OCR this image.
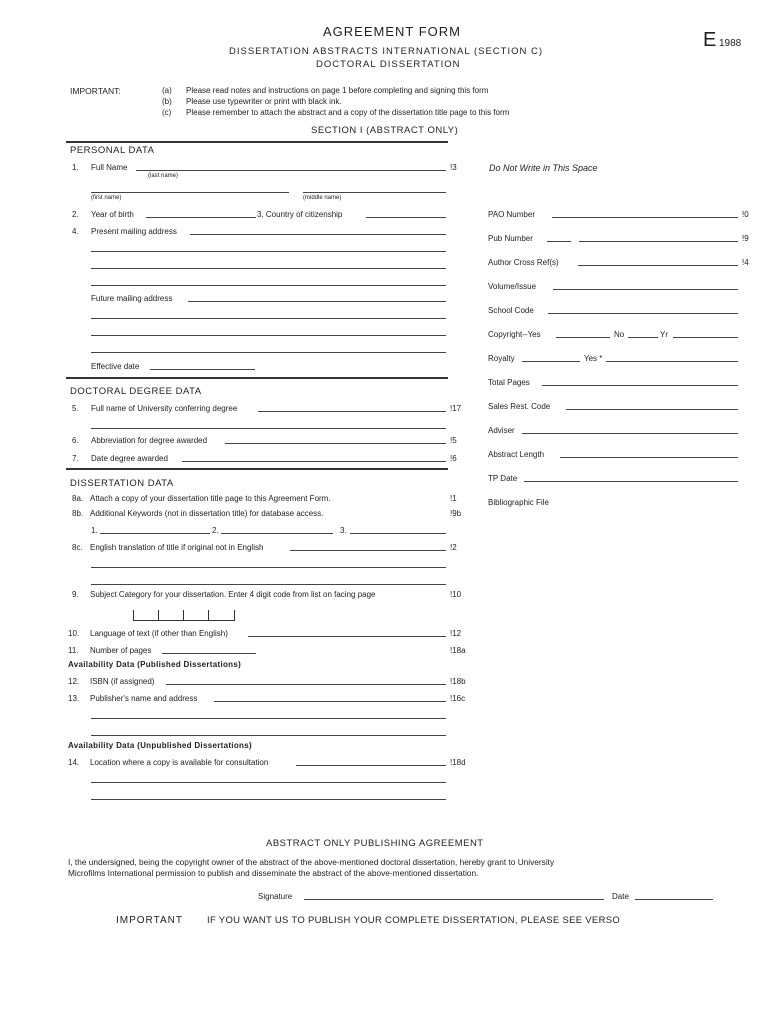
AGREEMENT FORM	E 1988
DISSERTATION ABSTRACTS INTERNATIONAL (SECTION C)
DOCTORAL DISSERTATION
IMPORTANT:	(a) Please read notes and instructions on page 1 before completing and signing this form
(b) Please use typewriter or print with black ink.
(c) Please remember to attach the abstract and a copy of the dissertation title page to this form
SECTION I (ABSTRACT ONLY)
PERSONAL DATA
1. Full Name	!3
(last name)
(first name)	(middle name)
2. Year of birth	3. Country of citizenship
4. Present mailing address
Future mailing address
Effective date
DOCTORAL DEGREE DATA
5. Full name of University conferring degree	!17
6. Abbreviation for degree awarded	!5
7. Date degree awarded	!6
DISSERTATION DATA
8a. Attach a copy of your dissertation title page to this Agreement Form.	!1
8b. Additional Keywords (not in dissertation title) for database access.	!9b
1.	2.	3.
8c. English translation of title if original not in English	!2
9. Subject Category for your dissertation. Enter 4 digit code from list on facing page	!10
10. Language of text (if other than English)	!12
11. Number of pages	!18a
Availability Data (Published Dissertations)
12. ISBN (if assigned)	!18b
13. Publisher's name and address	!16c
Availability Data (Unpublished Dissertations)
14. Location where a copy is available for consultation	!18d
Do Not Write in This Space
PAO Number	!0
Pub Number	!9
Author Cross Ref(s)	!4
Volume/Issue
School Code
Copyright--Yes	No	Yr
Royalty	Yes *
Total Pages
Sales Rest. Code
Adviser
Abstract Length
TP Date
Bibliographic File
ABSTRACT ONLY PUBLISHING AGREEMENT
I, the undersigned, being the copyright owner of the abstract of the above-mentioned doctoral dissertation, hereby grant to University
Microfilms International permission to publish and disseminate the abstract of the above-mentioned dissertation.
Signature	Date
IMPORTANT	IF YOU WANT US TO PUBLISH YOUR COMPLETE DISSERTATION, PLEASE SEE VERSO
